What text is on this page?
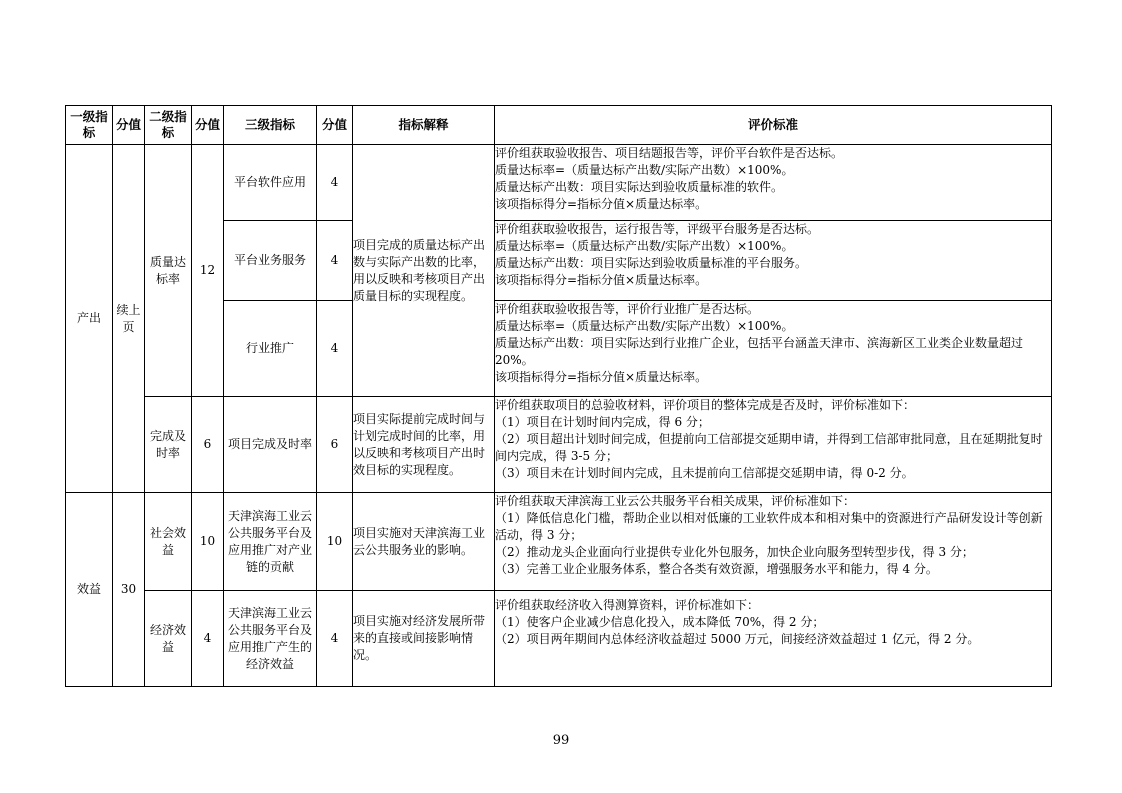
一级指标	分值	二级指标	分值	三级指标	分值	指标解释	评价标准
产出	续上页	质量达标率	12	平台软件应用	4	项目完成的质量达标产出数与实际产出数的比率，用以反映和考核项目产出质量目标的实现程度。	评价组获取验收报告、项目结题报告等，评价平台软件是否达标。
质量达标率=（质量达标产出数/实际产出数）×100%。
质量达标产出数：项目实际达到验收质量标准的软件。
该项指标得分=指标分值×质量达标率。

				平台业务服务	4		评价组获取验收报告，运行报告等，评级平台服务是否达标。
质量达标率=（质量达标产出数/实际产出数）×100%。
质量达标产出数：项目实际达到验收质量标准的平台服务。
该项指标得分=指标分值×质量达标率。

				行业推广	4		评价组获取验收报告等，评价行业推广是否达标。
质量达标率=（质量达标产出数/实际产出数）×100%。
质量达标产出数：项目实际达到行业推广企业，包括平台涵盖天津市、滨海新区工业类企业数量超过 20%。
该项指标得分=指标分值×质量达标率。

		完成及时率	6	项目完成及时率	6	项目实际提前完成时间与计划完成时间的比率，用以反映和考核项目产出时效目标的实现程度。	评价组获取项目的总验收材料，评价项目的整体完成是否及时，评价标准如下：
（1）项目在计划时间内完成，得 6 分；
（2）项目超出计划时间完成，但提前向工信部提交延期申请，并得到工信部审批同意，且在延期批复时间内完成，得 3-5 分；
（3）项目未在计划时间内完成，且未提前向工信部提交延期申请，得 0-2 分。

效益	30	社会效益	10	天津滨海工业云公共服务平台及应用推广对产业链的贡献	10	项目实施对天津滨海工业云公共服务业的影响。	评价组获取天津滨海工业云公共服务平台相关成果，评价标准如下：
（1）降低信息化门槛，帮助企业以相对低廉的工业软件成本和相对集中的资源进行产品研发设计等创新活动，得 3 分；
（2）推动龙头企业面向行业提供专业化外包服务，加快企业向服务型转型步伐，得 3 分；
（3）完善工业企业服务体系，整合各类有效资源，增强服务水平和能力，得 4 分。

		经济效益	4	天津滨海工业云公共服务平台及应用推广产生的经济效益	4	项目实施对经济发展所带来的直接或间接影响情况。	评价组获取经济收入得测算资料，评价标准如下：
（1）使客户企业减少信息化投入，成本降低 70%，得 2 分；
（2）项目两年期间内总体经济收益超过 5000 万元，间接经济效益超过 1 亿元，得 2 分。
99
